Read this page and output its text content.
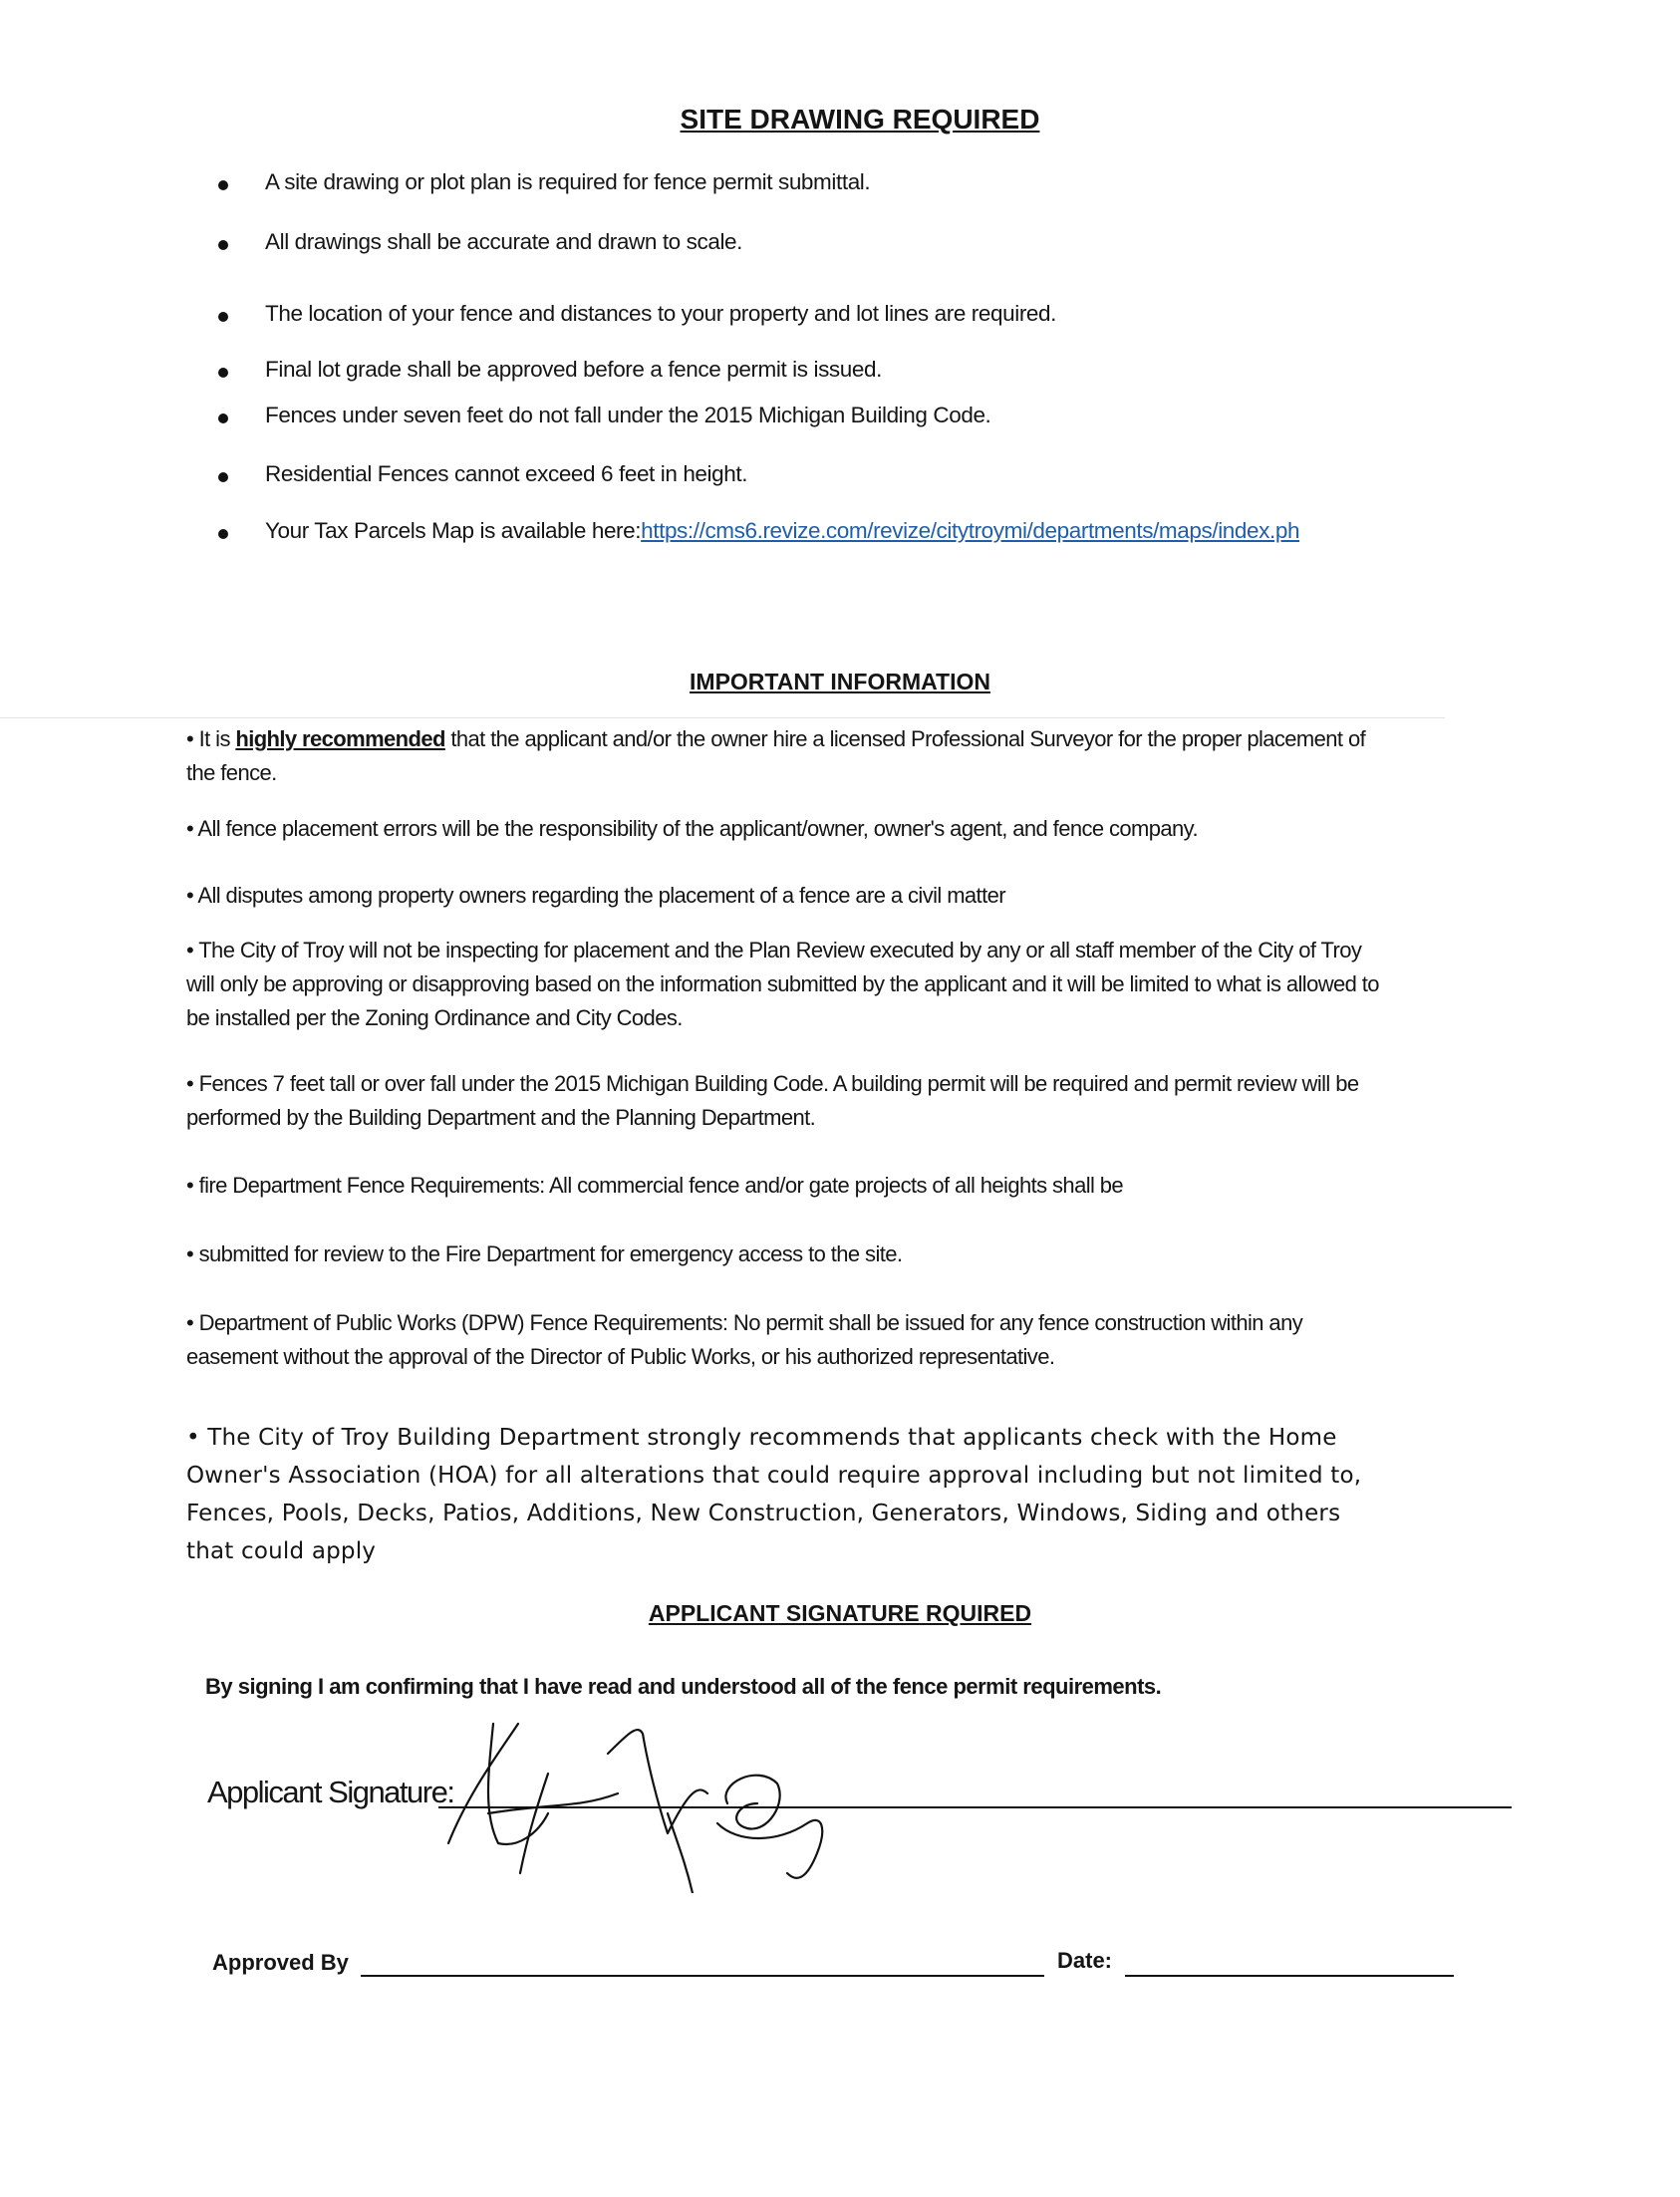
SITE DRAWING REQUIRED
A site drawing or plot plan is required for fence permit submittal.
All drawings shall be accurate and drawn to scale.
The location of your fence and distances to your property and lot lines are required.
Final lot grade shall be approved before a fence permit is issued.
Fences under seven feet do not fall under the 2015 Michigan Building Code.
Residential Fences cannot exceed 6 feet in height.
Your Tax Parcels Map is available here:https://cms6.revize.com/revize/citytroymi/departments/maps/index.ph
IMPORTANT INFORMATION
• It is highly recommended that the applicant and/or the owner hire a licensed Professional Surveyor for the proper placement of the fence.
• All fence placement errors will be the responsibility of the applicant/owner, owner's agent, and fence company.
• All disputes among property owners regarding the placement of a fence are a civil matter
• The City of Troy will not be inspecting for placement and the Plan Review executed by any or all staff member of the City of Troy will only be approving or disapproving based on the information submitted by the applicant and it will be limited to what is allowed to be installed per the Zoning Ordinance and City Codes.
• Fences 7 feet tall or over fall under the 2015 Michigan Building Code. A building permit will be required and permit review will be performed by the Building Department and the Planning Department.
• fire Department Fence Requirements: All commercial fence and/or gate projects of all heights shall be
• submitted for review to the Fire Department for emergency access to the site.
• Department of Public Works (DPW) Fence Requirements: No permit shall be issued for any fence construction within any easement without the approval of the Director of Public Works, or his authorized representative.
• The City of Troy Building Department strongly recommends that applicants check with the Home Owner's Association (HOA) for all alterations that could require approval including but not limited to, Fences, Pools, Decks, Patios, Additions, New Construction, Generators, Windows, Siding and others that could apply
APPLICANT SIGNATURE RQUIRED
By signing I am confirming that I have read and understood all of the fence permit requirements.
Applicant Signature:
Approved By	Date:
